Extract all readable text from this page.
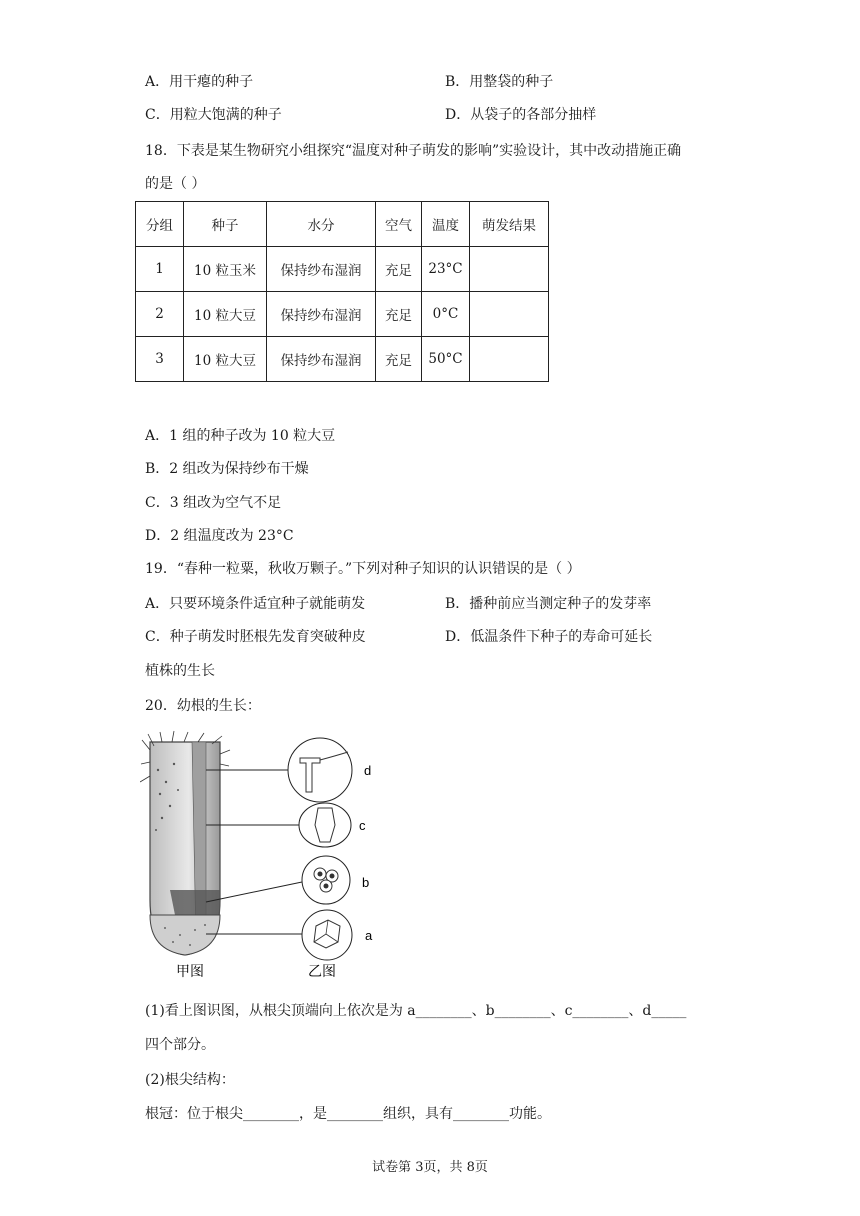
A．用干瘪的种子	B．用整袋的种子
C．用粒大饱满的种子	D．从袋子的各部分抽样
18．下表是某生物研究小组探究“温度对种子萌发的影响”实验设计，其中改动措施正确
的是（ ）
分组	种子	水分	空气	温度	萌发结果
1	10 粒玉米	保持纱布湿润	充足	23°C	
2	10 粒大豆	保持纱布湿润	充足	0°C	
3	10 粒大豆	保持纱布湿润	充足	50°C	
A．1 组的种子改为 10 粒大豆
B．2 组改为保持纱布干燥
C．3 组改为空气不足
D．2 组温度改为 23°C
19．“春种一粒粟，秋收万颗子。”下列对种子知识的认识错误的是（ ）
A．只要环境条件适宜种子就能萌发	B．播种前应当测定种子的发芽率
C．种子萌发时胚根先发育突破种皮	D．低温条件下种子的寿命可延长
植株的生长
20．幼根的生长：
d
c
b
a
甲图	乙图
(1)看上图识图，从根尖顶端向上依次是为 a________、b________、c________、d_____
四个部分。
(2)根尖结构：
根冠：位于根尖________，是________组织，具有________功能。
试卷第 3页，共 8页
